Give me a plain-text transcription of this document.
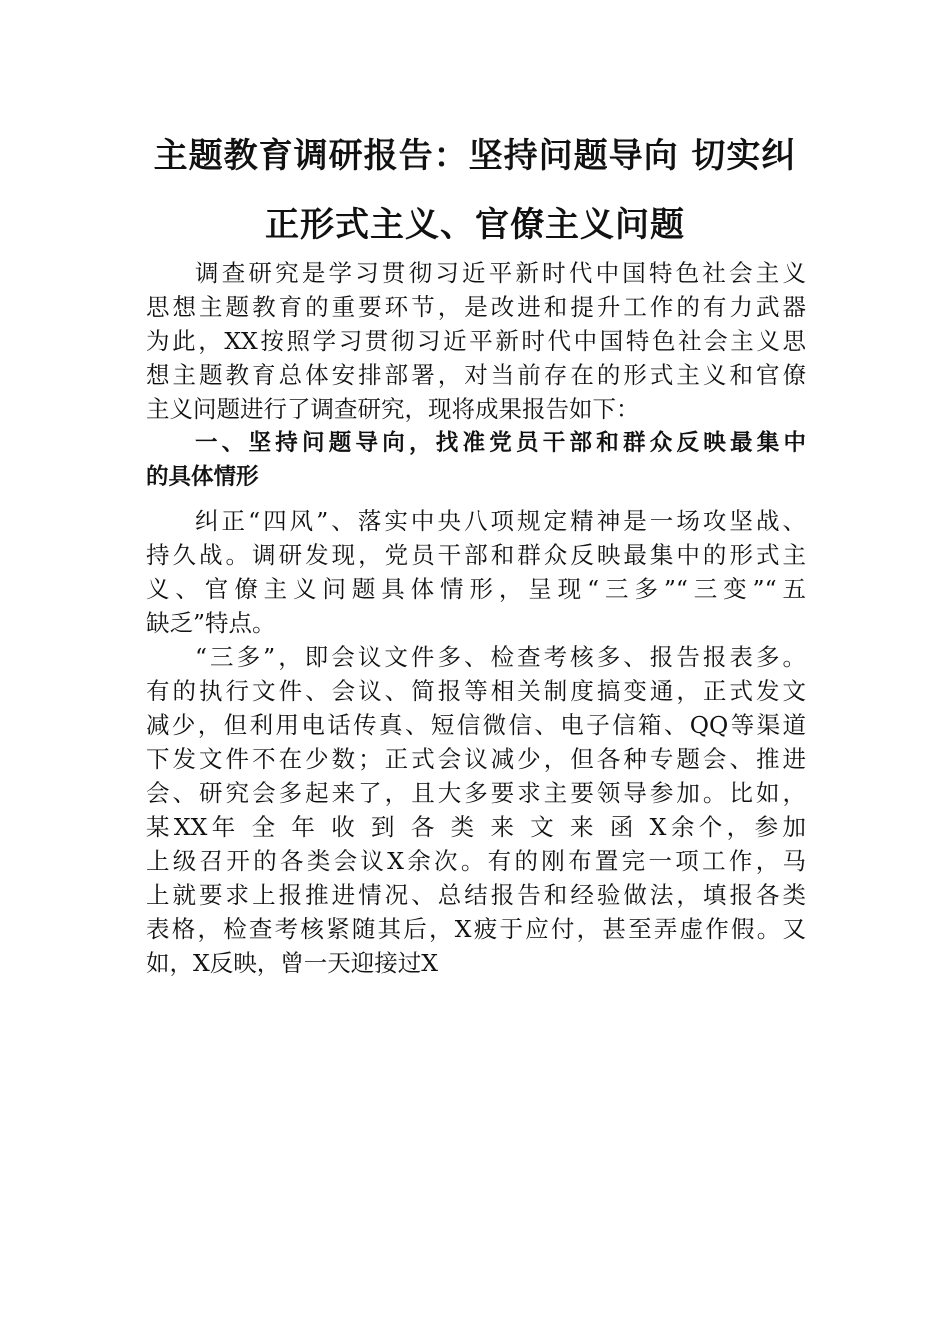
主题教育调研报告：坚持问题导向 切实纠
正形式主义、官僚主义问题

调查研究是学习贯彻习近平新时代中国特色社会主义

思想主题教育的重要环节，是改进和提升工作的有力武器

为此，XX按照学习贯彻习近平新时代中国特色社会主义思

想主题教育总体安排部署，对当前存在的形式主义和官僚

主义问题进行了调查研究，现将成果报告如下：

一、坚持问题导向，找准党员干部和群众反映最集中

的具体情形

纠正“四风”、落实中央八项规定精神是一场攻坚战、

持久战。调研发现，党员干部和群众反映最集中的形式主

义、官僚主义问题具体情形，呈现“三多”“三变”“五

缺乏”特点。

“三多”，即会议文件多、检查考核多、报告报表多。

有的执行文件、会议、简报等相关制度搞变通，正式发文

减少，但利用电话传真、短信微信、电子信箱、QQ等渠道

下发文件不在少数；正式会议减少，但各种专题会、推进

会、研究会多起来了，且大多要求主要领导参加。比如，

某XX年 全 年 收 到 各 类 来 文 来 函 X余个，参加

上级召开的各类会议X余次。有的刚布置完一项工作，马

上就要求上报推进情况、总结报告和经验做法，填报各类

表格，检查考核紧随其后，X疲于应付，甚至弄虚作假。又

如，X反映，曾一天迎接过X
